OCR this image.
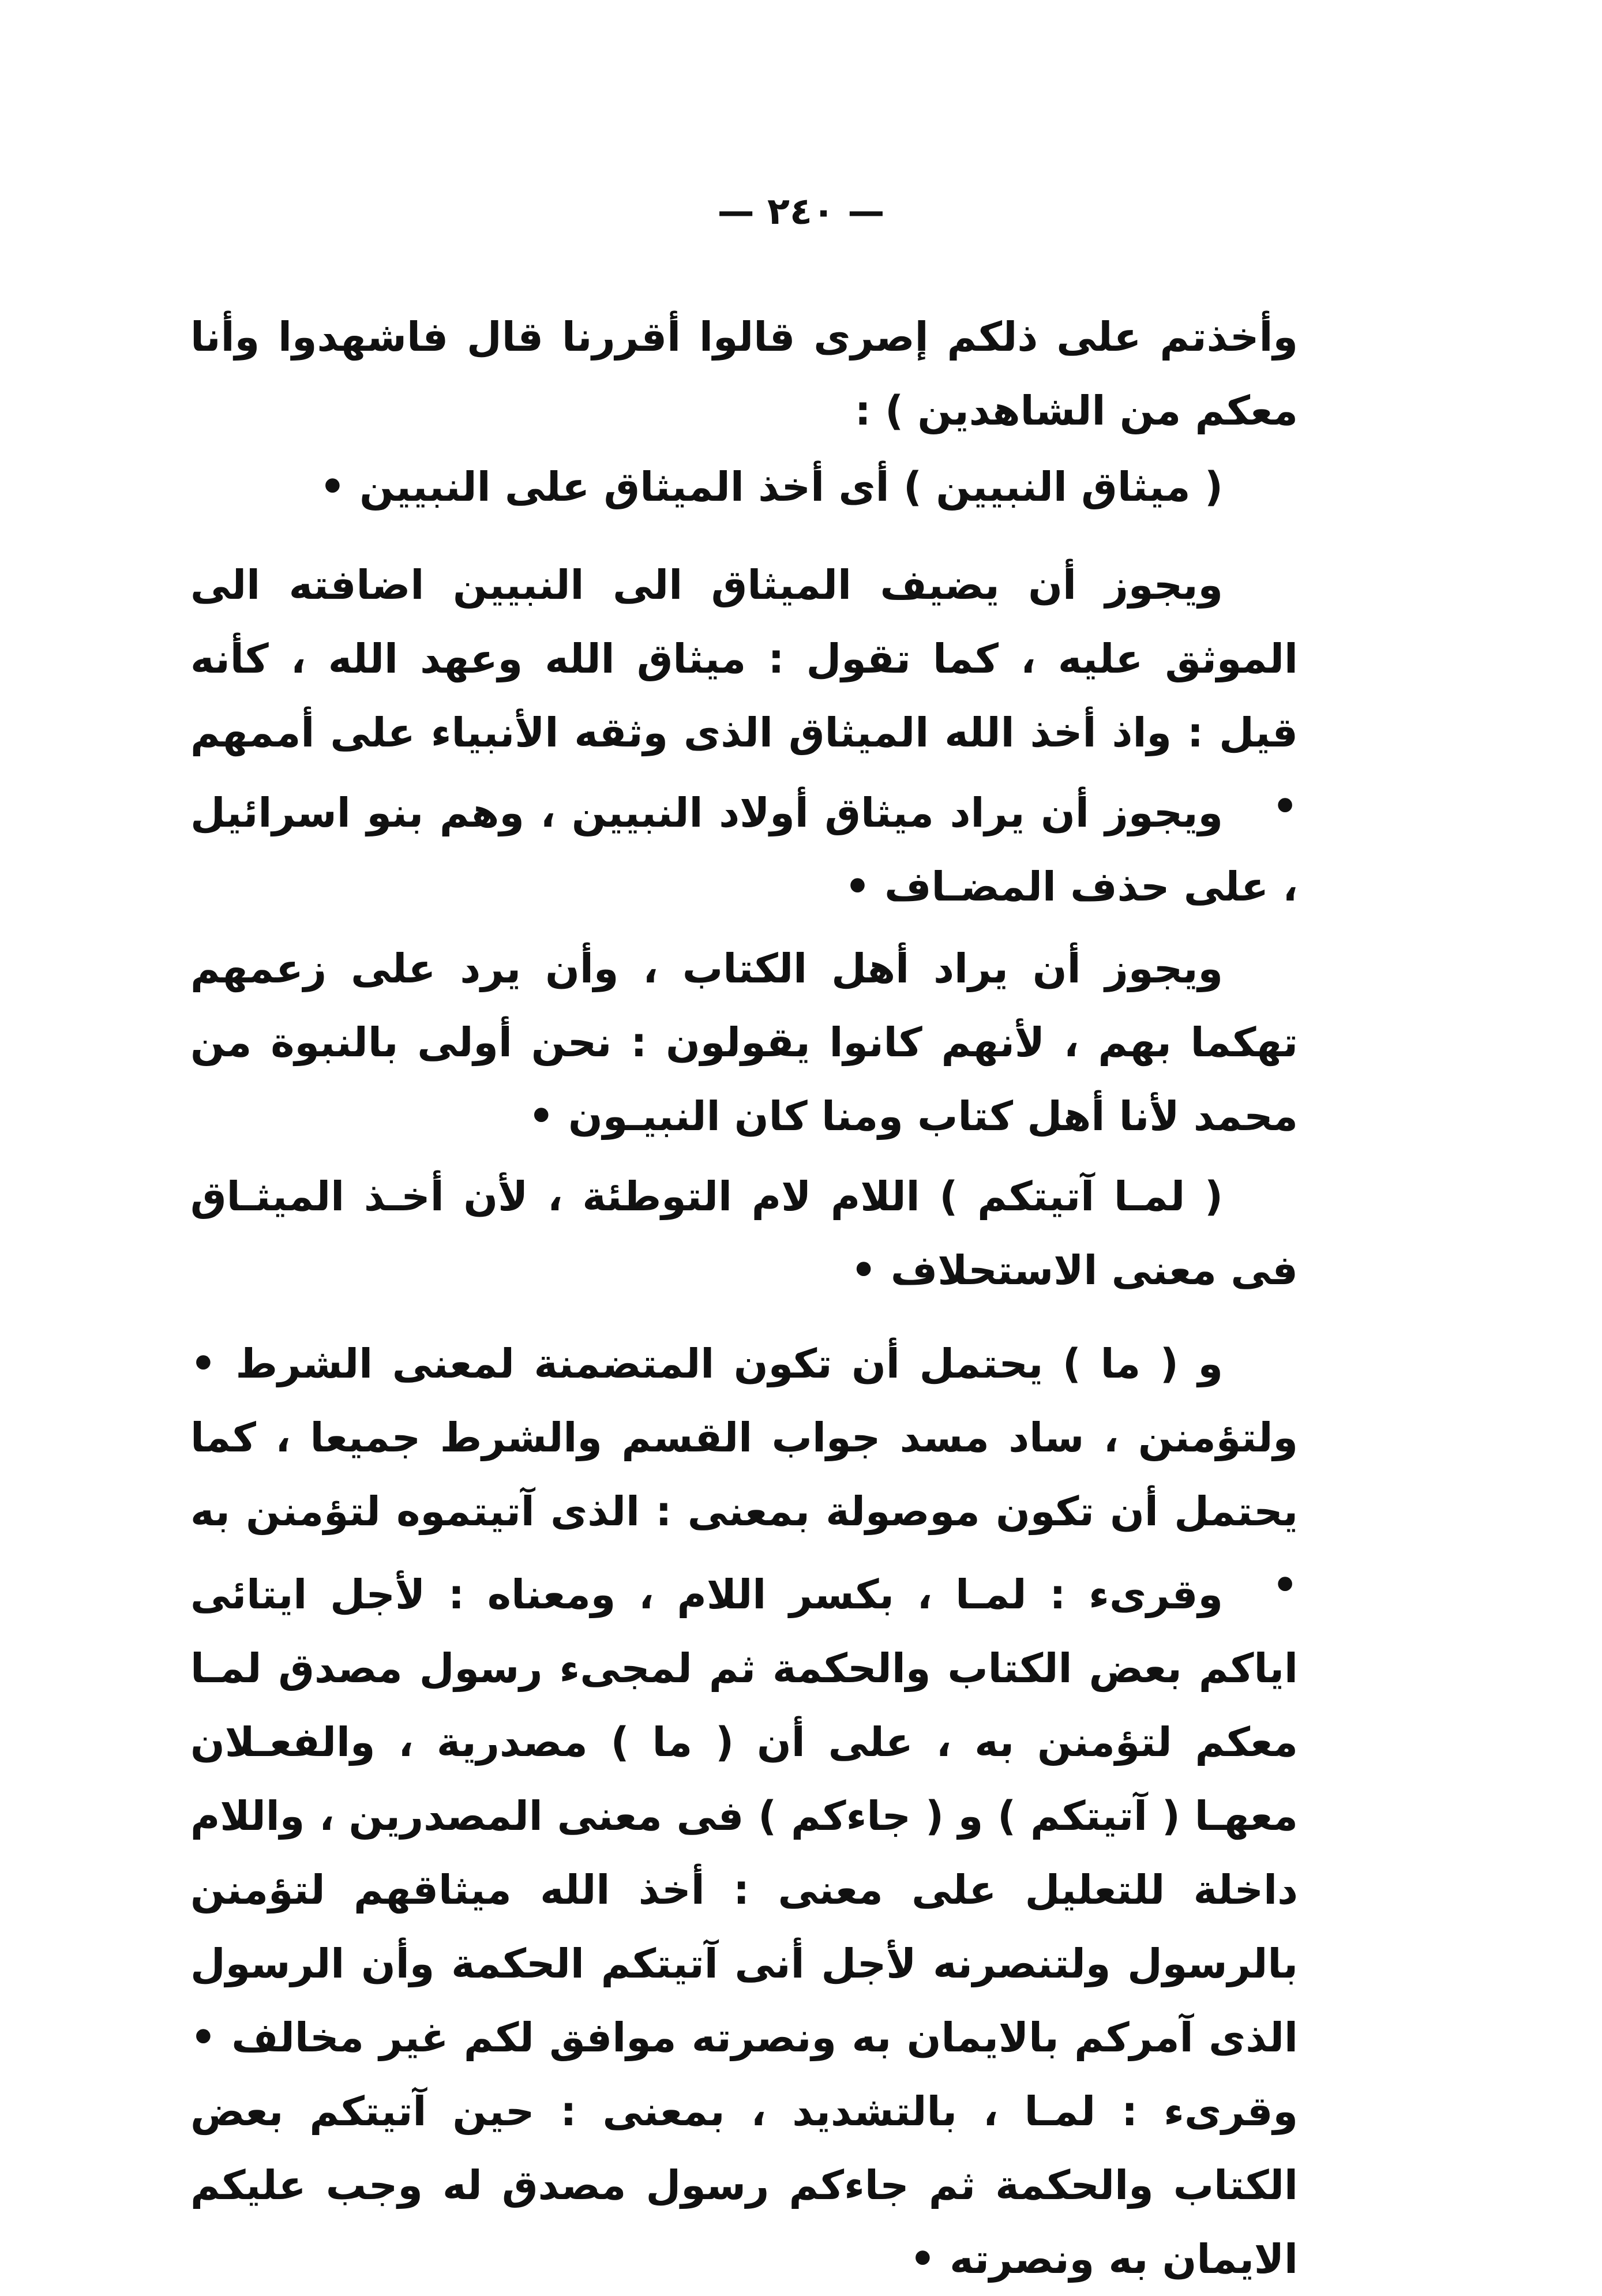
— ٢٤٠ —

وأخذتم على ذلكم إصرى قالوا أقررنا قال فاشهدوا وأنا معكم من الشاهدين ) :

( ميثاق النبيين ) أى أخذ الميثاق على النبيين •

ويجوز أن يضيف الميثاق الى النبيين اضافته الى الموثق عليه ، كما تقول : ميثاق الله وعهد الله ، كأنه قيل : واذ أخذ الله الميثاق الذى وثقه الأنبياء على أممهم •

ويجوز أن يراد ميثاق أولاد النبيين ، وهم بنو اسرائيل ، على حذف المضـاف •

ويجوز أن يراد أهل الكتاب ، وأن يرد على زعمهم تهكما بهم ، لأنهم كانوا يقولون : نحن أولى بالنبوة من محمد لأنا أهل كتاب ومنا كان النبيـون •

( لمـا آتيتكم ) اللام لام التوطئة ، لأن أخـذ الميثـاق فى معنى الاستحلاف •

و ( ما ) يحتمل أن تكون المتضمنة لمعنى الشرط • ولتؤمنن ، ساد مسد جواب القسم والشرط جميعا ، كما يحتمل أن تكون موصولة بمعنى : الذى آتيتموه لتؤمنن به •

وقرىء : لمـا ، بكسر اللام ، ومعناه : لأجل ايتائى اياكم بعض الكتاب والحكمة ثم لمجىء رسول مصدق لمـا معكم لتؤمنن به ، على أن ( ما ) مصدرية ، والفعـلان معهـا ( آتيتكم ) و ( جاءكم ) فى معنى المصدرين ، واللام داخلة للتعليل على معنى : أخذ الله ميثاقهم لتؤمنن بالرسول ولتنصرنه لأجل أنى آتيتكم الحكمة وأن الرسول الذى آمركم بالايمان به ونصرته موافق لكم غير مخالف • وقرىء : لمـا ، بالتشديد ، بمعنى : حين آتيتكم بعض الكتاب والحكمة ثم جاءكم رسول مصدق له وجب عليكم الايمان به ونصرته •
